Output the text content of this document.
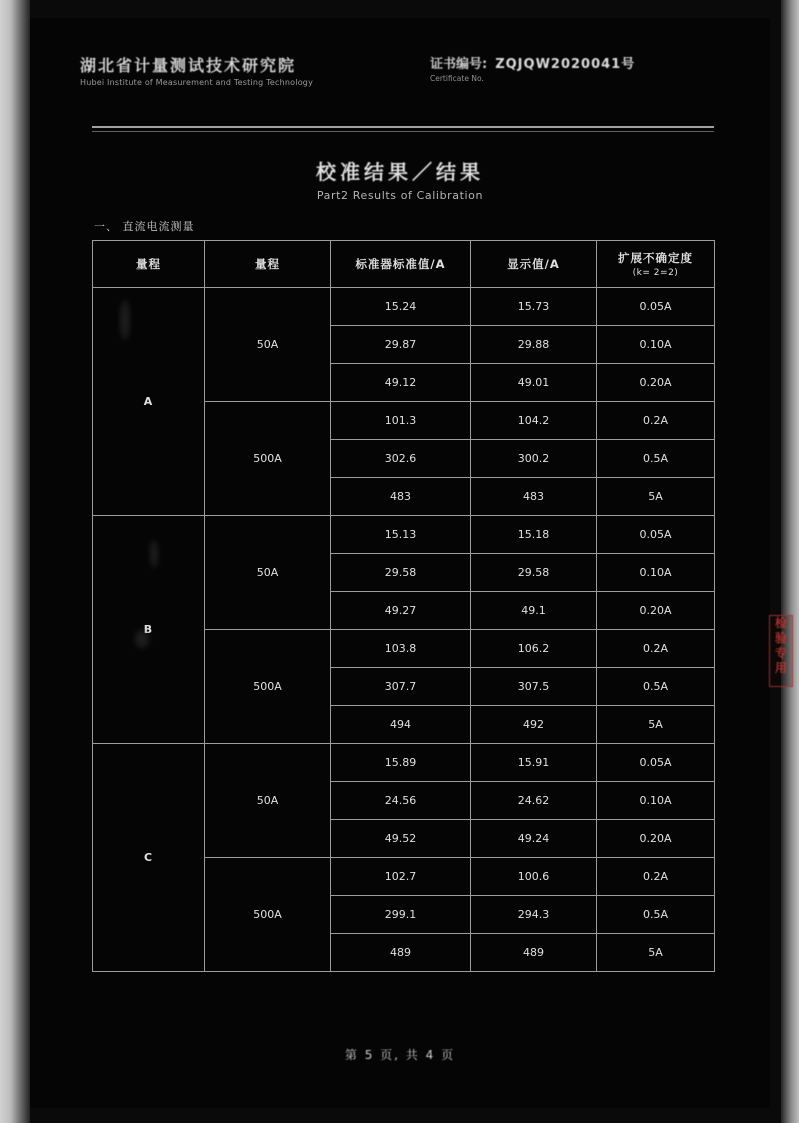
湖北省计量测试技术研究院
Hubei Institute of Measurement and Testing Technology
证书编号:
Certificate No.
ZQJQW2020041号
校准结果／结果
Part2 Results of Calibration
一、 直流电流测量
量程	量程	标准器标准值/A	显示值/A	扩展不确定度
(k= 2=2)

A	50A	15.24	15.73	0.05A
		29.87	29.88	0.10A
		49.12	49.01	0.20A
	500A	101.3	104.2	0.2A
		302.6	300.2	0.5A
		483	483	5A
B	50A	15.13	15.18	0.05A
		29.58	29.58	0.10A
		49.27	49.1	0.20A
	500A	103.8	106.2	0.2A
		307.7	307.5	0.5A
		494	492	5A
C	50A	15.89	15.91	0.05A
		24.56	24.62	0.10A
		49.52	49.24	0.20A
	500A	102.7	100.6	0.2A
		299.1	294.3	0.5A
		489	489	5A
第 5 页, 共 4 页
检验专用
